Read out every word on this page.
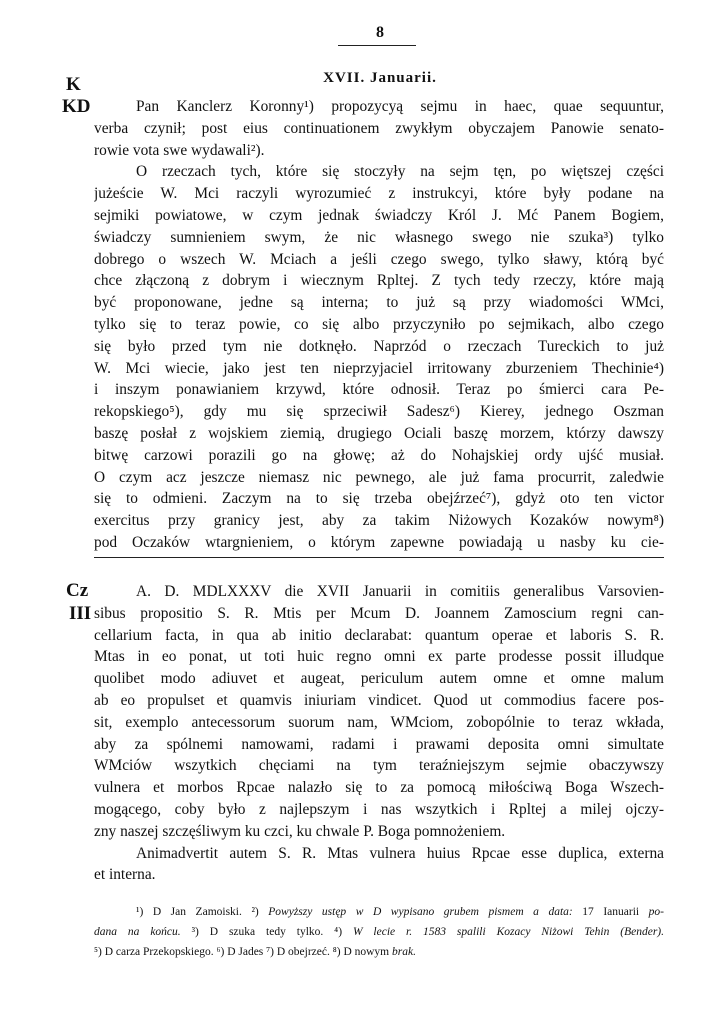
8
K
KD
XVII. Januarii.
Pan Kanclerz Koronny¹) propozycyą sejmu in haec, quae sequuntur,
verba czynił; post eius continuationem zwykłym obyczajem Panowie senato-
rowie vota swe wydawali²).
O rzeczach tych, które się stoczyły na sejm tęn, po więtszej części
jużeście W. Mci raczyli wyrozumieć z instrukcyi, które były podane na
sejmiki powiatowe, w czym jednak świadczy Król J. Mć Panem Bogiem,
świadczy sumnieniem swym, że nic własnego swego nie szuka³) tylko
dobrego o wszech W. Mciach a jeśli czego swego, tylko sławy, którą być
chce złączoną z dobrym i wiecznym Rpltej. Z tych tedy rzeczy, które mają
być proponowane, jedne są interna; to już są przy wiadomości WMci,
tylko się to teraz powie, co się albo przyczyniło po sejmikach, albo czego
się było przed tym nie dotknęło. Naprzód o rzeczach Tureckich to już
W. Mci wiecie, jako jest ten nieprzyjaciel irritowany zburzeniem Thechinie⁴)
i inszym ponawianiem krzywd, które odnosił. Teraz po śmierci cara Pe-
rekopskiego⁵), gdy mu się sprzeciwił Sadesz⁶) Kierey, jednego Oszman
baszę posłał z wojskiem ziemią, drugiego Ociali baszę morzem, którzy dawszy
bitwę carzowi porazili go na głowę; aż do Nohajskiej ordy ujść musiał.
O czym acz jeszcze niemasz nic pewnego, ale już fama procurrit, zaledwie
się to odmieni. Zaczym na to się trzeba obejźrzeć⁷), gdyż oto ten victor
exercitus przy granicy jest, aby za takim Niżowych Kozaków nowym⁸)
pod Oczaków wtargnieniem, o którym zapewne powiadają u nasby ku cie-
Cz
III
A. D. MDLXXXV die XVII Januarii in comitiis generalibus Varsovien-
sibus propositio S. R. Mtis per Mcum D. Joannem Zamoscium regni can-
cellarium facta, in qua ab initio declarabat: quantum operae et laboris S. R.
Mtas in eo ponat, ut toti huic regno omni ex parte prodesse possit illudque
quolibet modo adiuvet et augeat, periculum autem omne et omne malum
ab eo propulset et quamvis iniuriam vindicet. Quod ut commodius facere pos-
sit, exemplo antecessorum suorum nam, WMciom, zobopólnie to teraz wkłada,
aby za spólnemi namowami, radami i prawami deposita omni simultate
WMciów wszytkich chęciami na tym teraźniejszym sejmie obaczywszy
vulnera et morbos Rpcae nalazło się to za pomocą miłościwą Boga Wszech-
mogącego, coby było z najlepszym i nas wszytkich i Rpltej a milej ojczy-
zny naszej szczęśliwym ku czci, ku chwale P. Boga pomnożeniem.
Animadvertit autem S. R. Mtas vulnera huius Rpcae esse duplica, externa
et interna.
¹) D Jan Zamoiski. ²) Powyższy ustęp w D wypisano grubem pismem a data: 17 Ianuarii po-
dana na końcu. ³) D szuka tedy tylko. ⁴) W lecie r. 1583 spalili Kozacy Niżowi Tehin (Bender).
⁵) D carza Przekopskiego. ⁶) D Jades ⁷) D obejrzeć. ⁸) D nowym brak.
